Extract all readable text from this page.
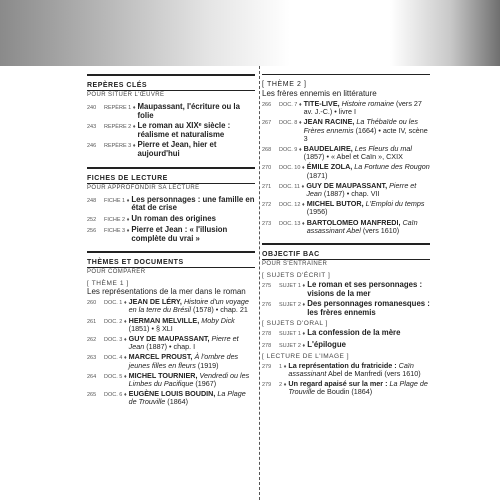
REPÈRES CLÉS
POUR SITUER L'ŒUVRE
240	REPÈRE 1 ♦ Maupassant, l'écriture ou la folie
243	REPÈRE 2 ♦ Le roman au XIXᵉ siècle : réalisme et naturalisme
246	REPÈRE 3 ♦ Pierre et Jean, hier et aujourd'hui
FICHES DE LECTURE
POUR APPROFONDIR SA LECTURE
248	FICHE 1 ♦ Les personnages : une famille en état de crise
252	FICHE 2 ♦ Un roman des origines
256	FICHE 3 ♦ Pierre et Jean : « l'illusion complète du vrai »
THÈMES ET DOCUMENTS
POUR COMPARER
[ THÈME 1 ]
Les représentations de la mer dans le roman
260	DOC. 1 ♦ JEAN DE LÉRY, Histoire d'un voyage en la terre du Brésil (1578) • chap. 21
261	DOC. 2 ♦ HERMAN MELVILLE, Moby Dick (1851) • § XLI
262	DOC. 3 ♦ GUY DE MAUPASSANT, Pierre et Jean (1887) • chap. I
263	DOC. 4 ♦ MARCEL PROUST, À l'ombre des jeunes filles en fleurs (1919)
264	DOC. 5 ♦ MICHEL TOURNIER, Vendredi ou les Limbes du Pacifique (1967)
265	DOC. 6 ♦ EUGÈNE LOUIS BOUDIN, La Plage de Trouville (1864)
[ THÈME 2 ]
Les frères ennemis en littérature
266	DOC. 7 ♦ TITE-LIVE, Histoire romaine (vers 27 av. J.-C.) • livre I
267	DOC. 8 ♦ JEAN RACINE, La Thébaïde ou les Frères ennemis (1664) • acte IV, scène 3
268	DOC. 9 ♦ BAUDELAIRE, Les Fleurs du mal (1857) • « Abel et Caïn », CXIX
270	DOC. 10 ♦ ÉMILE ZOLA, La Fortune des Rougon (1871)
271	DOC. 11 ♦ GUY DE MAUPASSANT, Pierre et Jean (1887) • chap. VII
272	DOC. 12 ♦ MICHEL BUTOR, L'Emploi du temps (1956)
273	DOC. 13 ♦ BARTOLOMEO MANFREDI, Caïn assassinant Abel (vers 1610)
OBJECTIF BAC
POUR S'ENTRAÎNER
[ SUJETS D'ÉCRIT ]
275	SUJET 1 ♦ Le roman et ses personnages : visions de la mer
276	SUJET 2 ♦ Des personnages romanesques : les frères ennemis
[ SUJETS D'ORAL ]
278	SUJET 1 ♦ La confession de la mère
278	SUJET 2 ♦ L'épilogue
[ LECTURE DE L'IMAGE ]
279	1 ♦ La représentation du fratricide : Caïn assassinant Abel de Manfredi (vers 1610)
279	2 ♦ Un regard apaisé sur la mer : La Plage de Trouville de Boudin (1864)
